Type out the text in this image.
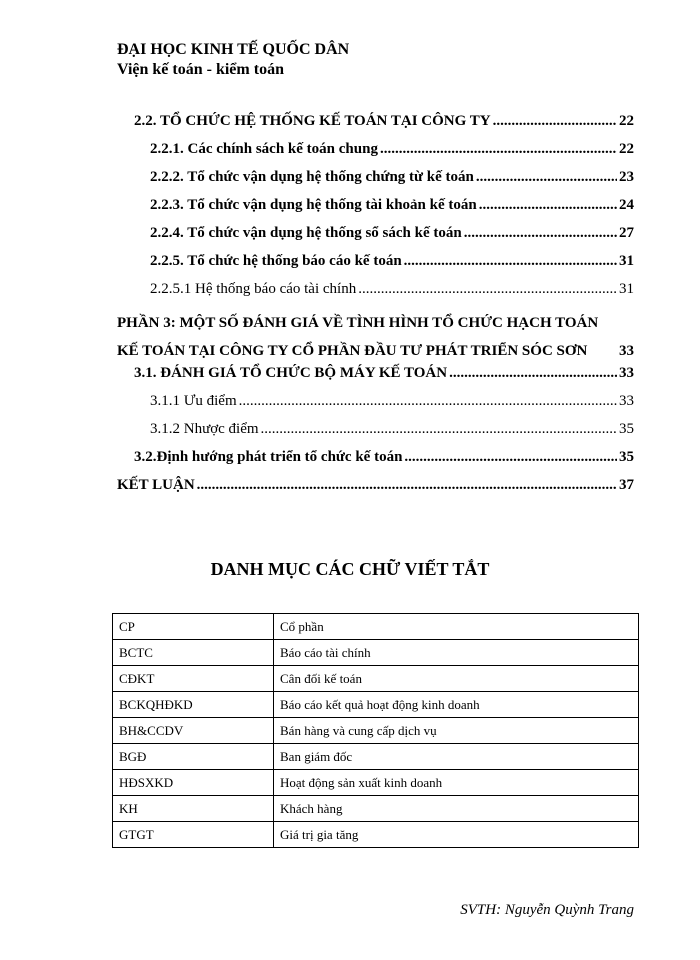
ĐẠI HỌC KINH TẾ QUỐC DÂN
Viện kế toán - kiểm toán
2.2. TỔ CHỨC HỆ THỐNG KẾ TOÁN TẠI CÔNG TY .....	22
2.2.1. Các chính sách kế toán chung .....	22
2.2.2. Tổ chức vận dụng hệ thống chứng từ kế toán .....	23
2.2.3. Tổ chức vận dụng hệ thống tài khoản kế toán .....	24
2.2.4. Tổ chức vận dụng hệ thống sổ sách kế toán .....	27
2.2.5. Tổ chức hệ thống báo cáo kế toán .....	31
2.2.5.1 Hệ thống báo cáo tài chính .....	31
PHẦN 3: MỘT SỐ ĐÁNH GIÁ VỀ TÌNH HÌNH TỔ CHỨC HẠCH TOÁN
KẾ TOÁN TẠI CÔNG TY CỔ PHẦN ĐẦU TƯ PHÁT TRIỂN SÓC SƠN 33
3.1. ĐÁNH GIÁ TỔ CHỨC BỘ MÁY KẾ TOÁN .....	33
3.1.1 Ưu điểm .....	33
3.1.2 Nhược điểm .....	35
3.2.Định hướng phát triển tổ chức kế toán .....	35
KẾT LUẬN .....	37
DANH MỤC CÁC CHỮ VIẾT TẮT
CP	Cổ phần
BCTC	Báo cáo tài chính
CĐKT	Cân đối kế toán
BCKQHĐKD	Báo cáo kết quả hoạt động kinh doanh
BH&CCDV	Bán hàng và cung cấp dịch vụ
BGĐ	Ban giám đốc
HĐSXKD	Hoạt động sản xuất kinh doanh
KH	Khách hàng
GTGT	Giá trị gia tăng
SVTH: Nguyễn Quỳnh Trang
